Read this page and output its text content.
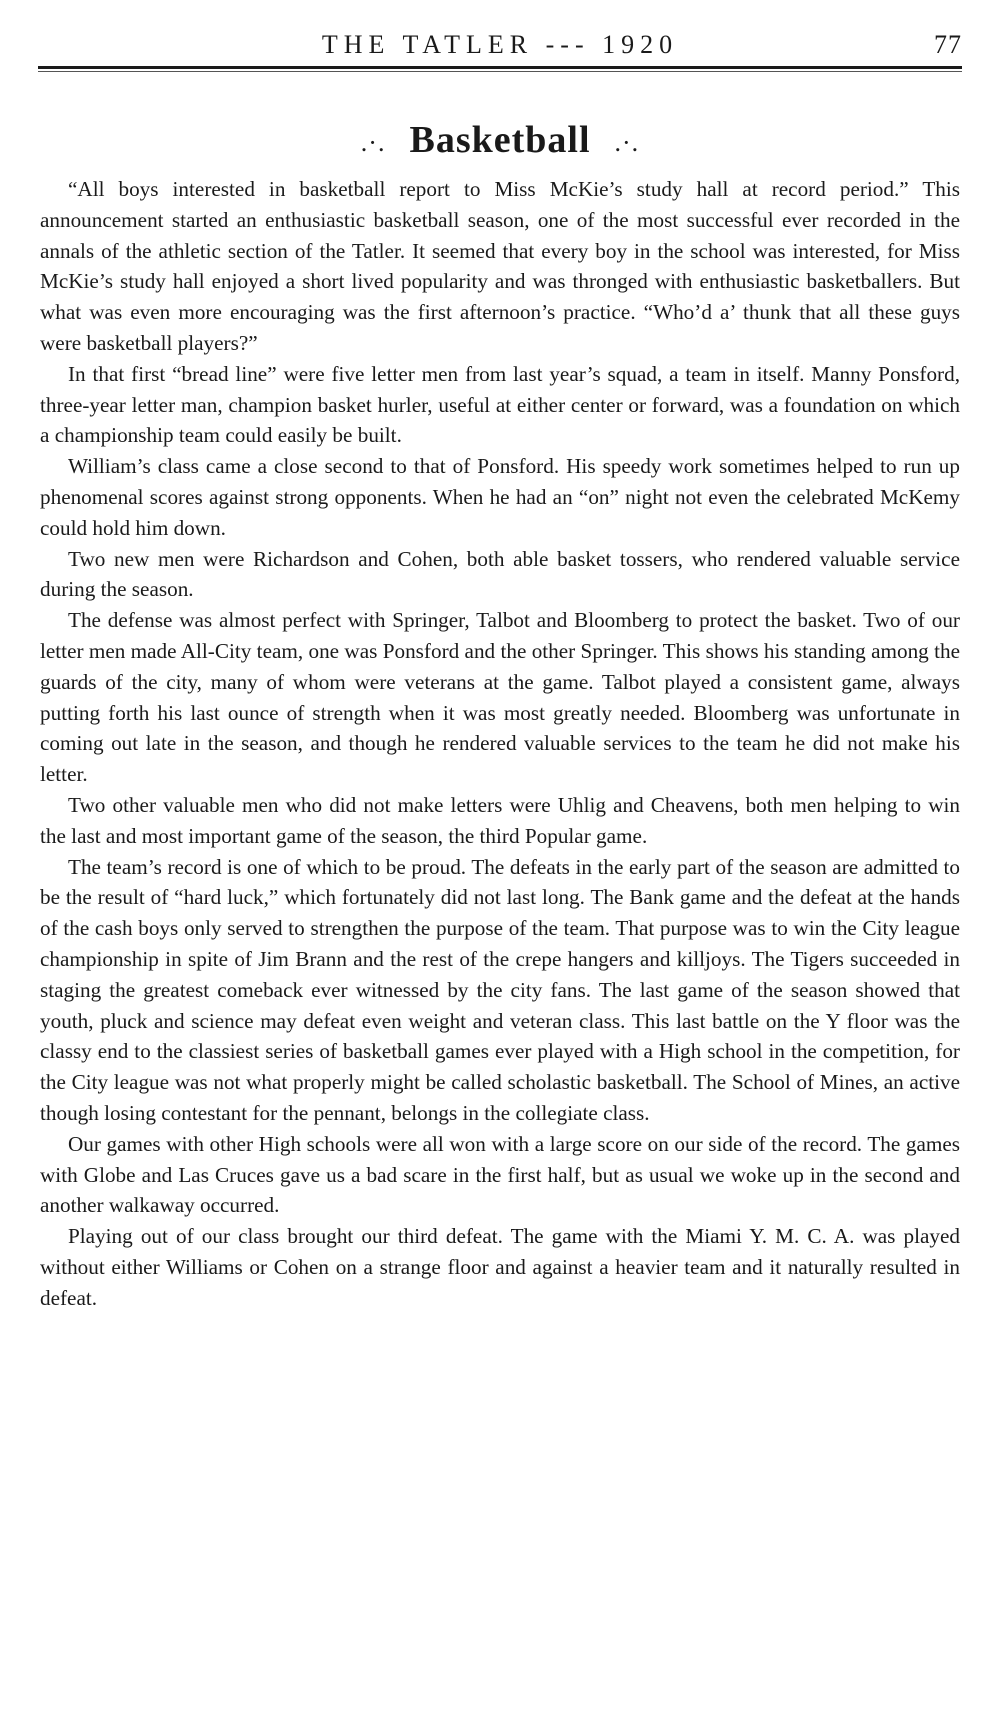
THE TATLER --- 1920	77
.·. Basketball .·.

“All boys interested in basketball report to Miss McKie’s study hall at record period.” This announcement started an enthusiastic basketball season, one of the most successful ever recorded in the annals of the athletic section of the Tatler. It seemed that every boy in the school was interested, for Miss McKie’s study hall enjoyed a short lived popularity and was thronged with enthusiastic basketballers. But what was even more encouraging was the first afternoon’s practice. “Who’d a’ thunk that all these guys were basketball players?”

In that first “bread line” were five letter men from last year’s squad, a team in itself. Manny Ponsford, three-year letter man, champion basket hurler, useful at either center or forward, was a foundation on which a championship team could easily be built.

William’s class came a close second to that of Ponsford. His speedy work sometimes helped to run up phenomenal scores against strong opponents. When he had an “on” night not even the celebrated McKemy could hold him down.

Two new men were Richardson and Cohen, both able basket tossers, who rendered valuable service during the season.

The defense was almost perfect with Springer, Talbot and Bloomberg to protect the basket. Two of our letter men made All-City team, one was Ponsford and the other Springer. This shows his standing among the guards of the city, many of whom were veterans at the game. Talbot played a consistent game, always putting forth his last ounce of strength when it was most greatly needed. Bloomberg was unfortunate in coming out late in the season, and though he rendered valuable services to the team he did not make his letter.

Two other valuable men who did not make letters were Uhlig and Cheavens, both men helping to win the last and most important game of the season, the third Popular game.

The team’s record is one of which to be proud. The defeats in the early part of the season are admitted to be the result of “hard luck,” which fortunately did not last long. The Bank game and the defeat at the hands of the cash boys only served to strengthen the purpose of the team. That purpose was to win the City league championship in spite of Jim Brann and the rest of the crepe hangers and killjoys. The Tigers succeeded in staging the greatest comeback ever witnessed by the city fans. The last game of the season showed that youth, pluck and science may defeat even weight and veteran class. This last battle on the Y floor was the classy end to the classiest series of basketball games ever played with a High school in the competition, for the City league was not what properly might be called scholastic basketball. The School of Mines, an active though losing contestant for the pennant, belongs in the collegiate class.

Our games with other High schools were all won with a large score on our side of the record. The games with Globe and Las Cruces gave us a bad scare in the first half, but as usual we woke up in the second and another walkaway occurred.

Playing out of our class brought our third defeat. The game with the Miami Y. M. C. A. was played without either Williams or Cohen on a strange floor and against a heavier team and it naturally resulted in defeat.
